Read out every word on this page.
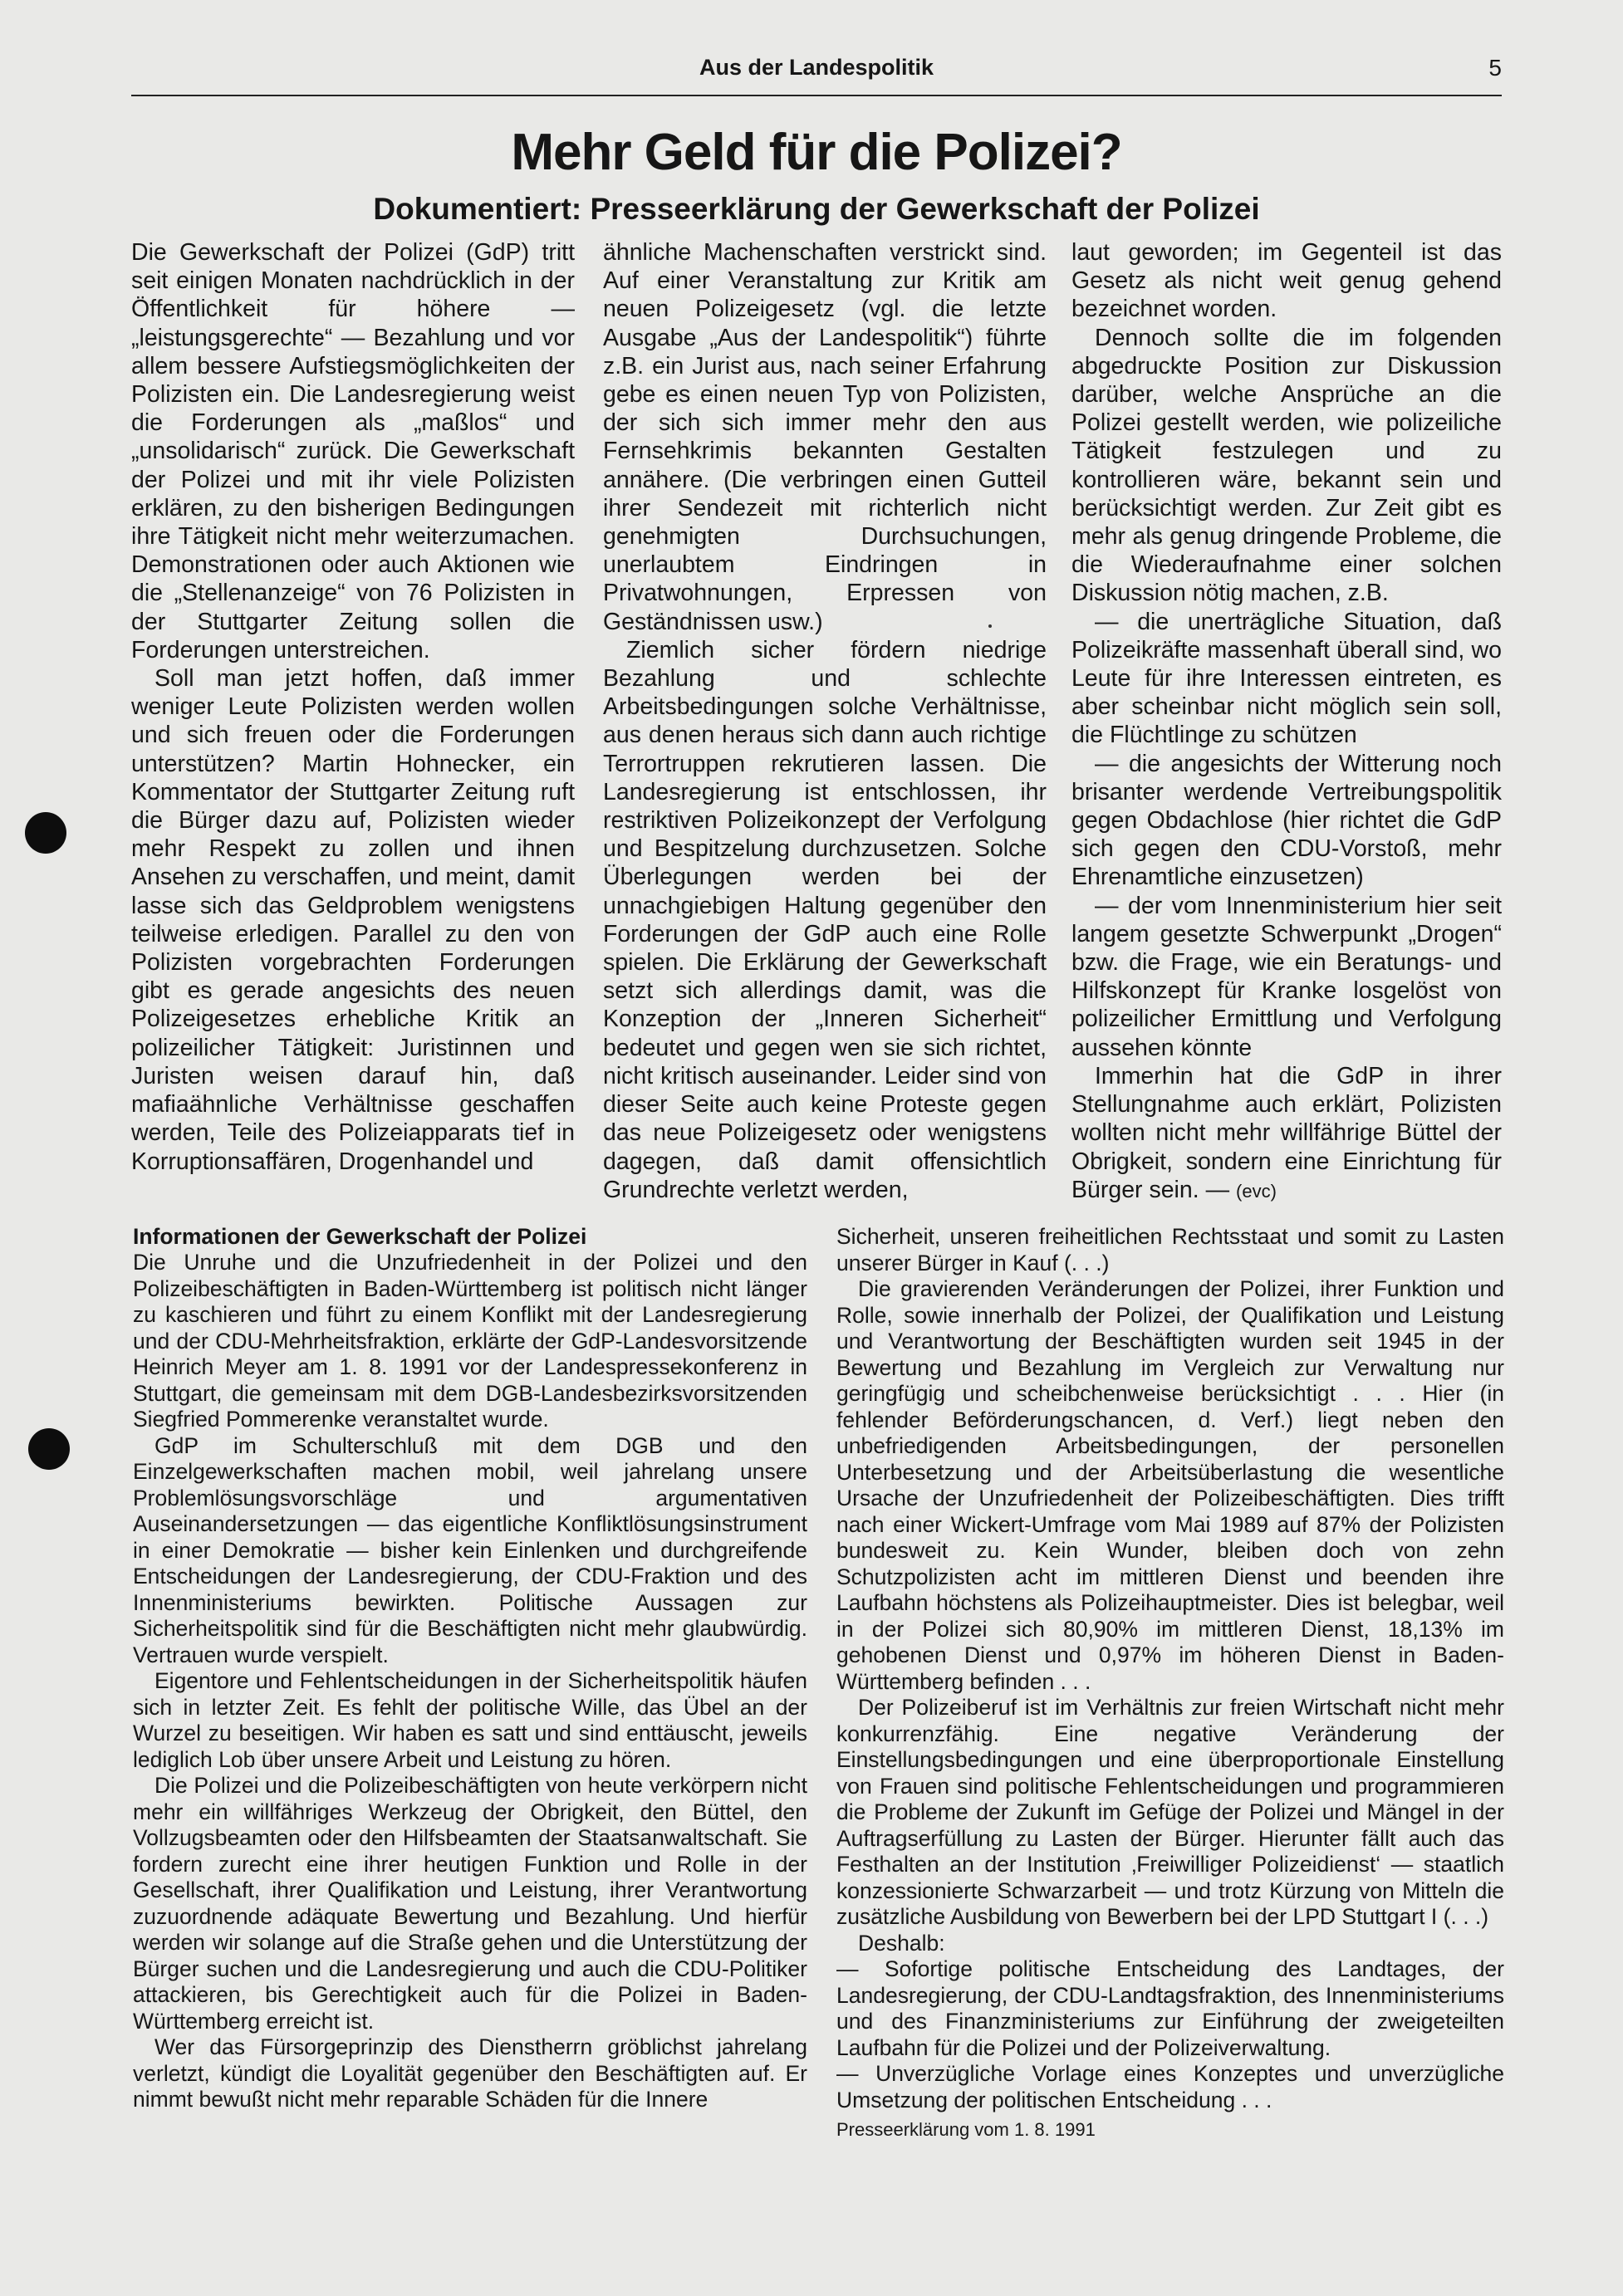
Aus der Landespolitik	5
Mehr Geld für die Polizei?
Dokumentiert: Presseerklärung der Gewerkschaft der Polizei

Die Gewerkschaft der Polizei (GdP) tritt seit einigen Monaten nachdrücklich in der Öffentlichkeit für höhere — „leistungsgerechte“ — Bezahlung und vor allem bessere Aufstiegsmöglichkeiten der Polizisten ein. Die Landesregierung weist die Forderungen als „maßlos“ und „unsolidarisch“ zurück. Die Gewerkschaft der Polizei und mit ihr viele Polizisten erklären, zu den bisherigen Bedingungen ihre Tätigkeit nicht mehr weiterzumachen. Demonstrationen oder auch Aktionen wie die „Stellenanzeige“ von 76 Polizisten in der Stuttgarter Zeitung sollen die Forderungen unterstreichen.

Soll man jetzt hoffen, daß immer weniger Leute Polizisten werden wollen und sich freuen oder die Forderungen unterstützen? Martin Hohnecker, ein Kommentator der Stuttgarter Zeitung ruft die Bürger dazu auf, Polizisten wieder mehr Respekt zu zollen und ihnen Ansehen zu verschaffen, und meint, damit lasse sich das Geldproblem wenigstens teilweise erledigen. Parallel zu den von Polizisten vorgebrachten Forderungen gibt es gerade angesichts des neuen Polizeigesetzes erhebliche Kritik an polizeilicher Tätigkeit: Juristinnen und Juristen weisen darauf hin, daß mafiaähnliche Verhältnisse geschaffen werden, Teile des Polizeiapparats tief in Korruptionsaffären, Drogenhandel und

ähnliche Machenschaften verstrickt sind. Auf einer Veranstaltung zur Kritik am neuen Polizeigesetz (vgl. die letzte Ausgabe „Aus der Landespolitik“) führte z.B. ein Jurist aus, nach seiner Erfahrung gebe es einen neuen Typ von Polizisten, der sich sich immer mehr den aus Fernsehkrimis bekannten Gestalten annähere. (Die verbringen einen Gutteil ihrer Sendezeit mit richterlich nicht genehmigten Durchsuchungen, unerlaubtem Eindringen in Privatwohnungen, Erpressen von Geständnissen usw.)

Ziemlich sicher fördern niedrige Bezahlung und schlechte Arbeitsbedingungen solche Verhältnisse, aus denen heraus sich dann auch richtige Terrortruppen rekrutieren lassen. Die Landesregierung ist entschlossen, ihr restriktiven Polizeikonzept der Verfolgung und Bespitzelung durchzusetzen. Solche Überlegungen werden bei der unnachgiebigen Haltung gegenüber den Forderungen der GdP auch eine Rolle spielen. Die Erklärung der Gewerkschaft setzt sich allerdings damit, was die Konzeption der „Inneren Sicherheit“ bedeutet und gegen wen sie sich richtet, nicht kritisch auseinander. Leider sind von dieser Seite auch keine Proteste gegen das neue Polizeigesetz oder wenigstens dagegen, daß damit offensichtlich Grundrechte verletzt werden,

laut geworden; im Gegenteil ist das Gesetz als nicht weit genug gehend bezeichnet worden.

Dennoch sollte die im folgenden abgedruckte Position zur Diskussion darüber, welche Ansprüche an die Polizei gestellt werden, wie polizeiliche Tätigkeit festzulegen und zu kontrollieren wäre, bekannt sein und berücksichtigt werden. Zur Zeit gibt es mehr als genug dringende Probleme, die die Wiederaufnahme einer solchen Diskussion nötig machen, z.B.

— die unerträgliche Situation, daß Polizeikräfte massenhaft überall sind, wo Leute für ihre Interessen eintreten, es aber scheinbar nicht möglich sein soll, die Flüchtlinge zu schützen

— die angesichts der Witterung noch brisanter werdende Vertreibungspolitik gegen Obdachlose (hier richtet die GdP sich gegen den CDU-Vorstoß, mehr Ehrenamtliche einzusetzen)

— der vom Innenministerium hier seit langem gesetzte Schwerpunkt „Drogen“ bzw. die Frage, wie ein Beratungs- und Hilfskonzept für Kranke losgelöst von polizeilicher Ermittlung und Verfolgung aussehen könnte

Immerhin hat die GdP in ihrer Stellungnahme auch erklärt, Polizisten wollten nicht mehr willfährige Büttel der Obrigkeit, sondern eine Einrichtung für Bürger sein. — (evc)

Informationen der Gewerkschaft der Polizei

Die Unruhe und die Unzufriedenheit in der Polizei und den Polizeibeschäftigten in Baden-Württemberg ist politisch nicht länger zu kaschieren und führt zu einem Konflikt mit der Landesregierung und der CDU-Mehrheitsfraktion, erklärte der GdP-Landesvorsitzende Heinrich Meyer am 1. 8. 1991 vor der Landespressekonferenz in Stuttgart, die gemeinsam mit dem DGB-Landesbezirksvorsitzenden Siegfried Pommerenke veranstaltet wurde.

GdP im Schulterschluß mit dem DGB und den Einzelgewerkschaften machen mobil, weil jahrelang unsere Problemlösungsvorschläge und argumentativen Auseinandersetzungen — das eigentliche Konfliktlösungsinstrument in einer Demokratie — bisher kein Einlenken und durchgreifende Entscheidungen der Landesregierung, der CDU-Fraktion und des Innenministeriums bewirkten. Politische Aussagen zur Sicherheitspolitik sind für die Beschäftigten nicht mehr glaubwürdig. Vertrauen wurde verspielt.

Eigentore und Fehlentscheidungen in der Sicherheitspolitik häufen sich in letzter Zeit. Es fehlt der politische Wille, das Übel an der Wurzel zu beseitigen. Wir haben es satt und sind enttäuscht, jeweils lediglich Lob über unsere Arbeit und Leistung zu hören.

Die Polizei und die Polizeibeschäftigten von heute verkörpern nicht mehr ein willfähriges Werkzeug der Obrigkeit, den Büttel, den Vollzugsbeamten oder den Hilfsbeamten der Staatsanwaltschaft. Sie fordern zurecht eine ihrer heutigen Funktion und Rolle in der Gesellschaft, ihrer Qualifikation und Leistung, ihrer Verantwortung zuzuordnende adäquate Bewertung und Bezahlung. Und hierfür werden wir solange auf die Straße gehen und die Unterstützung der Bürger suchen und die Landesregierung und auch die CDU-Politiker attackieren, bis Gerechtigkeit auch für die Polizei in Baden-Württemberg erreicht ist.

Wer das Fürsorgeprinzip des Dienstherrn gröblichst jahrelang verletzt, kündigt die Loyalität gegenüber den Beschäftigten auf. Er nimmt bewußt nicht mehr reparable Schäden für die Innere

Sicherheit, unseren freiheitlichen Rechtsstaat und somit zu Lasten unserer Bürger in Kauf (. . .)

Die gravierenden Veränderungen der Polizei, ihrer Funktion und Rolle, sowie innerhalb der Polizei, der Qualifikation und Leistung und Verantwortung der Beschäftigten wurden seit 1945 in der Bewertung und Bezahlung im Vergleich zur Verwaltung nur geringfügig und scheibchenweise berücksichtigt . . . Hier (in fehlender Beförderungschancen, d. Verf.) liegt neben den unbefriedigenden Arbeitsbedingungen, der personellen Unterbesetzung und der Arbeitsüberlastung die wesentliche Ursache der Unzufriedenheit der Polizeibeschäftigten. Dies trifft nach einer Wickert-Umfrage vom Mai 1989 auf 87% der Polizisten bundesweit zu. Kein Wunder, bleiben doch von zehn Schutzpolizisten acht im mittleren Dienst und beenden ihre Laufbahn höchstens als Polizeihauptmeister. Dies ist belegbar, weil in der Polizei sich 80,90% im mittleren Dienst, 18,13% im gehobenen Dienst und 0,97% im höheren Dienst in Baden-Württemberg befinden . . .

Der Polizeiberuf ist im Verhältnis zur freien Wirtschaft nicht mehr konkurrenzfähig. Eine negative Veränderung der Einstellungsbedingungen und eine überproportionale Einstellung von Frauen sind politische Fehlentscheidungen und programmieren die Probleme der Zukunft im Gefüge der Polizei und Mängel in der Auftragserfüllung zu Lasten der Bürger. Hierunter fällt auch das Festhalten an der Institution ‚Freiwilliger Polizeidienst‘ — staatlich konzessionierte Schwarzarbeit — und trotz Kürzung von Mitteln die zusätzliche Ausbildung von Bewerbern bei der LPD Stuttgart I (. . .)

Deshalb:

— Sofortige politische Entscheidung des Landtages, der Landesregierung, der CDU-Landtagsfraktion, des Innenministeriums und des Finanzministeriums zur Einführung der zweigeteilten Laufbahn für die Polizei und der Polizeiverwaltung.

— Unverzügliche Vorlage eines Konzeptes und unverzügliche Umsetzung der politischen Entscheidung . . .

Presseerklärung vom 1. 8. 1991
